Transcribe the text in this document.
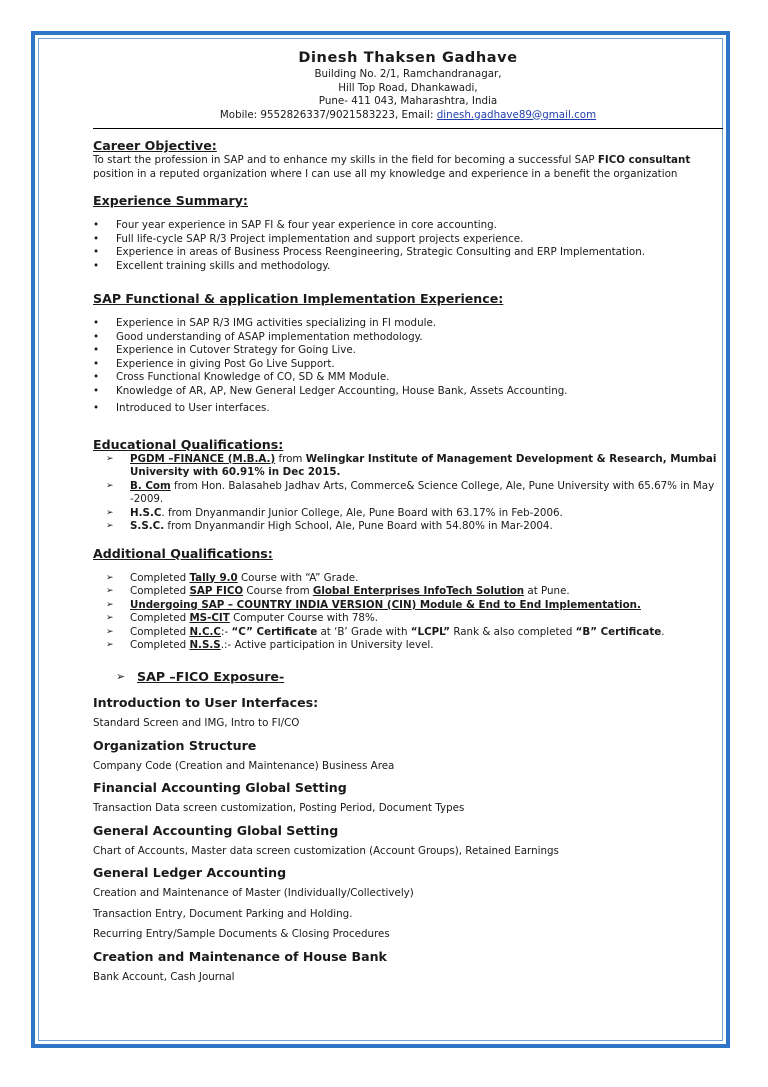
Dinesh Thaksen Gadhave
Building No. 2/1, Ramchandranagar,
Hill Top Road, Dhankawadi,
Pune- 411 043, Maharashtra, India
Mobile: 9552826337/9021583223, Email: dinesh.gadhave89@gmail.com
Career Objective:

To start the profession in SAP and to enhance my skills in the field for becoming a successful SAP FICO consultant position in a reputed organization where I can use all my knowledge and experience in a benefit the organization

Experience Summary:
• Four year experience in SAP FI & four year experience in core accounting.
• Full life-cycle SAP R/3 Project implementation and support projects experience.
• Experience in areas of Business Process Reengineering, Strategic Consulting and ERP Implementation.
• Excellent training skills and methodology.
SAP Functional & application Implementation Experience:
• Experience in SAP R/3 IMG activities specializing in FI module.
• Good understanding of ASAP implementation methodology.
• Experience in Cutover Strategy for Going Live.
• Experience in giving Post Go Live Support.
• Cross Functional Knowledge of CO, SD & MM Module.
• Knowledge of AR, AP, New General Ledger Accounting, House Bank, Assets Accounting.
• Introduced to User interfaces.
Educational Qualifications:
➢ PGDM –FINANCE (M.B.A.) from Welingkar Institute of Management Development & Research, Mumbai University with 60.91% in Dec 2015.
➢ B. Com from Hon. Balasaheb Jadhav Arts, Commerce& Science College, Ale, Pune University with 65.67% in May -2009.
➢ H.S.C. from Dnyanmandir Junior College, Ale, Pune Board with 63.17% in Feb-2006.
➢ S.S.C. from Dnyanmandir High School, Ale, Pune Board with 54.80% in Mar-2004.
Additional Qualifications:
➢ Completed Tally 9.0 Course with “A” Grade.
➢ Completed SAP FICO Course from Global Enterprises InfoTech Solution at Pune.
➢ Undergoing SAP – COUNTRY INDIA VERSION (CIN) Module & End to End Implementation.
➢ Completed MS-CIT Computer Course with 78%.
➢ Completed N.C.C:- “C” Certificate at ‘B’ Grade with “LCPL” Rank & also completed “B” Certificate.
➢ Completed N.S.S.:- Active participation in University level.
➢ SAP –FICO Exposure-
Introduction to User Interfaces:

Standard Screen and IMG, Intro to FI/CO

Organization Structure

Company Code (Creation and Maintenance) Business Area

Financial Accounting Global Setting

Transaction Data screen customization, Posting Period, Document Types

General Accounting Global Setting

Chart of Accounts, Master data screen customization (Account Groups), Retained Earnings

General Ledger Accounting

Creation and Maintenance of Master (Individually/Collectively)

Transaction Entry, Document Parking and Holding.

Recurring Entry/Sample Documents & Closing Procedures

Creation and Maintenance of House Bank

Bank Account, Cash Journal
